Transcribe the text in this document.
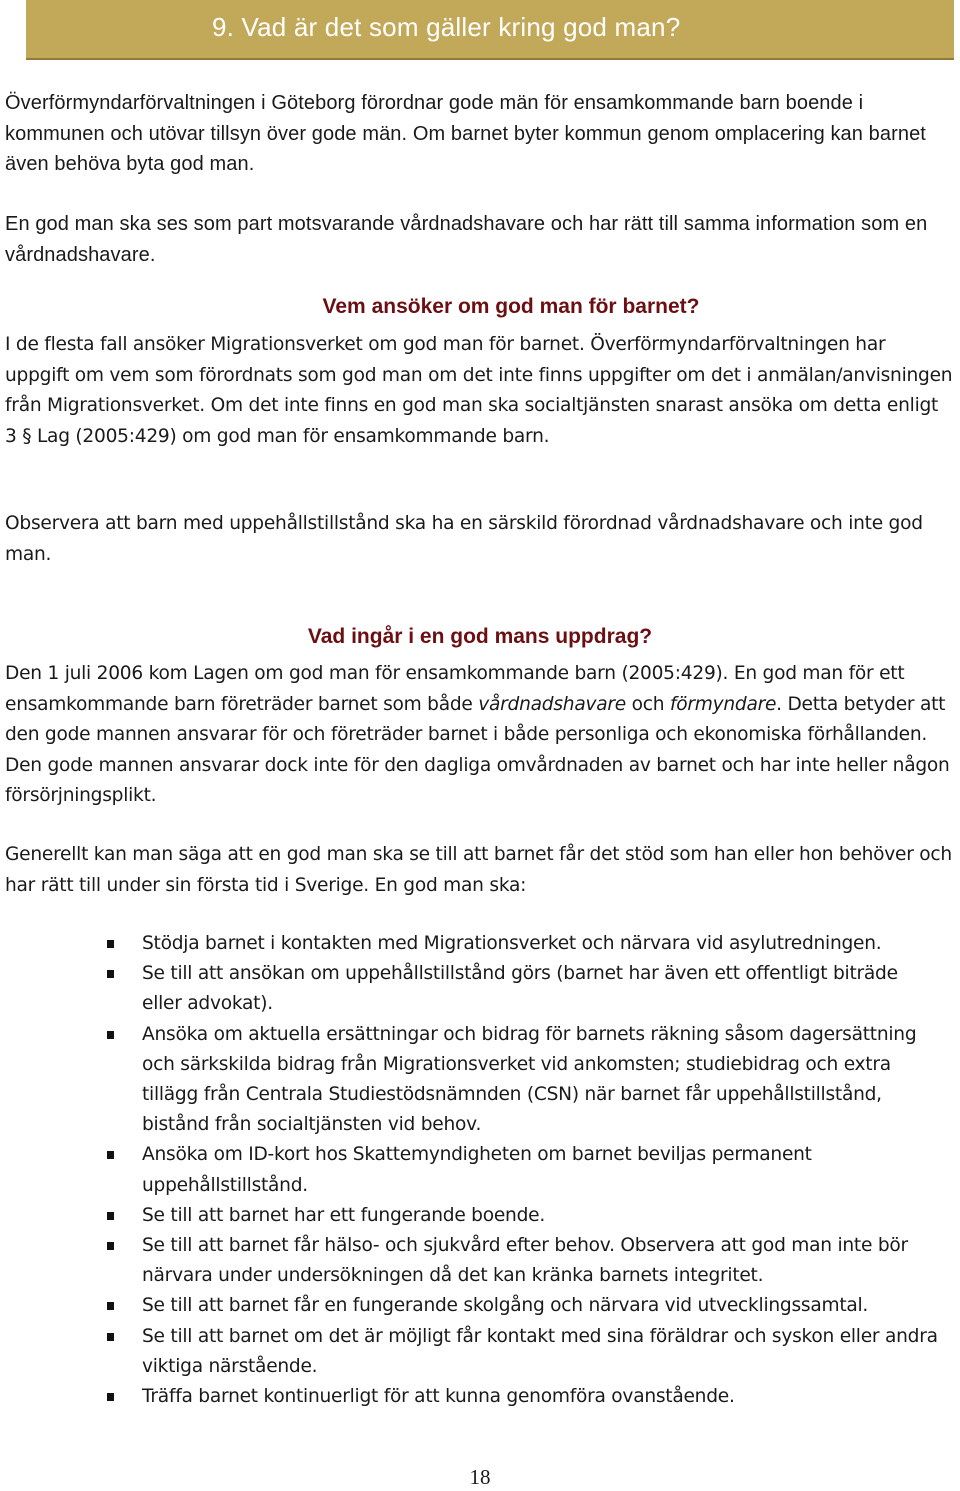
9. Vad är det som gäller kring god man?

Överförmyndarförvaltningen i Göteborg förordnar gode män för ensamkommande barn boende i kommunen och utövar tillsyn över gode män. Om barnet byter kommun genom omplacering kan barnet även behöva byta god man.

En god man ska ses som part motsvarande vårdnadshavare och har rätt till samma information som en vårdnadshavare.

Vem ansöker om god man för barnet?

I de flesta fall ansöker Migrationsverket om god man för barnet. Överförmyndarförvaltningen har uppgift om vem som förordnats som god man om det inte finns uppgifter om det i anmälan/anvisningen från Migrationsverket. Om det inte finns en god man ska socialtjänsten snarast ansöka om detta enligt 3 § Lag (2005:429) om god man för ensamkommande barn.

Observera att barn med uppehållstillstånd ska ha en särskild förordnad vårdnadshavare och inte god man.

Vad ingår i en god mans uppdrag?

Den 1 juli 2006 kom Lagen om god man för ensamkommande barn (2005:429). En god man för ett ensamkommande barn företräder barnet som både vårdnadshavare och förmyndare. Detta betyder att den gode mannen ansvarar för och företräder barnet i både personliga och ekonomiska förhållanden. Den gode mannen ansvarar dock inte för den dagliga omvårdnaden av barnet och har inte heller någon försörjningsplikt.

Generellt kan man säga att en god man ska se till att barnet får det stöd som han eller hon behöver och har rätt till under sin första tid i Sverige. En god man ska:

Stödja barnet i kontakten med Migrationsverket och närvara vid asylutredningen.
Se till att ansökan om uppehållstillstånd görs (barnet har även ett offentligt biträde eller advokat).
Ansöka om aktuella ersättningar och bidrag för barnets räkning såsom dagersättning och särkskilda bidrag från Migrationsverket vid ankomsten; studiebidrag och extra tillägg från Centrala Studiestödsnämnden (CSN) när barnet får uppehållstillstånd, bistånd från socialtjänsten vid behov.
Ansöka om ID-kort hos Skattemyndigheten om barnet beviljas permanent uppehållstillstånd.
Se till att barnet har ett fungerande boende.
Se till att barnet får hälso- och sjukvård efter behov. Observera att god man inte bör närvara under undersökningen då det kan kränka barnets integritet.
Se till att barnet får en fungerande skolgång och närvara vid utvecklingssamtal.
Se till att barnet om det är möjligt får kontakt med sina föräldrar och syskon eller andra viktiga närstående.
Träffa barnet kontinuerligt för att kunna genomföra ovanstående.
18
